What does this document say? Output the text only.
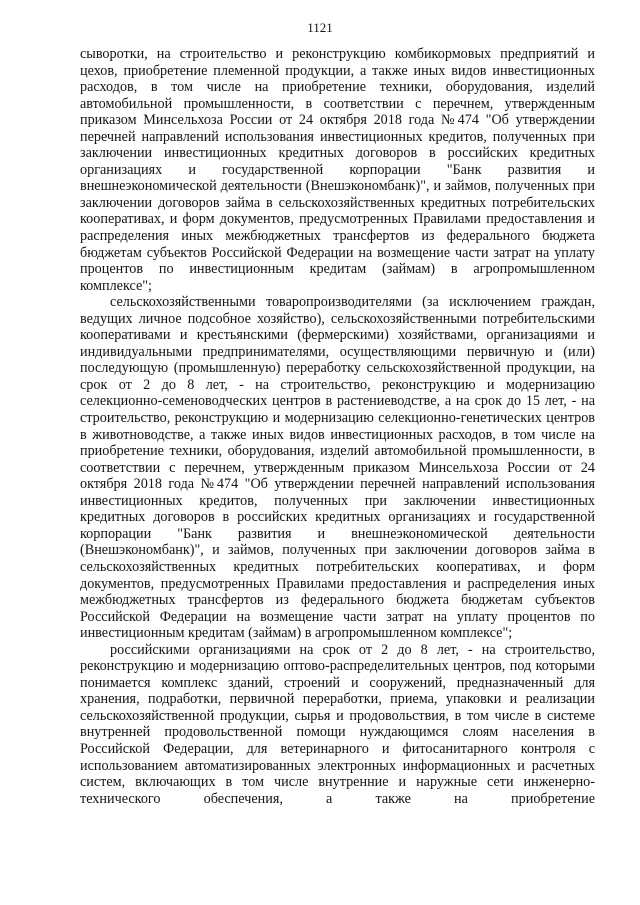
1121

сыворотки, на строительство и реконструкцию комбикормовых предприятий и цехов, приобретение племенной продукции, а также иных видов инвестиционных расходов, в том числе на приобретение техники, оборудования, изделий автомобильной промышленности, в соответствии с перечнем, утвержденным приказом Минсельхоза России от 24 октября 2018 года №474 "Об утверждении перечней направлений использования инвестиционных кредитов, полученных при заключении инвестиционных кредитных договоров в российских кредитных организациях и государственной корпорации "Банк развития и внешнеэкономической деятельности (Внешэкономбанк)", и займов, полученных при заключении договоров займа в сельскохозяйственных кредитных потребительских кооперативах, и форм документов, предусмотренных Правилами предоставления и распределения иных межбюджетных трансфертов из федерального бюджета бюджетам субъектов Российской Федерации на возмещение части затрат на уплату процентов по инвестиционным кредитам (займам) в агропромышленном комплексе";

сельскохозяйственными товаропроизводителями (за исключением граждан, ведущих личное подсобное хозяйство), сельскохозяйственными потребительскими кооперативами и крестьянскими (фермерскими) хозяйствами, организациями и индивидуальными предпринимателями, осуществляющими первичную и (или) последующую (промышленную) переработку сельскохозяйственной продукции, на срок от 2 до 8 лет, - на строительство, реконструкцию и модернизацию селекционно-семеноводческих центров в растениеводстве, а на срок до 15 лет, - на строительство, реконструкцию и модернизацию селекционно-генетических центров в животноводстве, а также иных видов инвестиционных расходов, в том числе на приобретение техники, оборудования, изделий автомобильной промышленности, в соответствии с перечнем, утвержденным приказом Минсельхоза России от 24 октября 2018 года №474 "Об утверждении перечней направлений использования инвестиционных кредитов, полученных при заключении инвестиционных кредитных договоров в российских кредитных организациях и государственной корпорации "Банк развития и внешнеэкономической деятельности (Внешэкономбанк)", и займов, полученных при заключении договоров займа в сельскохозяйственных кредитных потребительских кооперативах, и форм документов, предусмотренных Правилами предоставления и распределения иных межбюджетных трансфертов из федерального бюджета бюджетам субъектов Российской Федерации на возмещение части затрат на уплату процентов по инвестиционным кредитам (займам) в агропромышленном комплексе";

российскими организациями на срок от 2 до 8 лет, - на строительство, реконструкцию и модернизацию оптово-распределительных центров, под которыми понимается комплекс зданий, строений и сооружений, предназначенный для хранения, подработки, первичной переработки, приема, упаковки и реализации сельскохозяйственной продукции, сырья и продовольствия, в том числе в системе внутренней продовольственной помощи нуждающимся слоям населения в Российской Федерации, для ветеринарного и фитосанитарного контроля с использованием автоматизированных электронных информационных и расчетных систем, включающих в том числе внутренние и наружные сети инженерно-технического обеспечения, а также на приобретение
